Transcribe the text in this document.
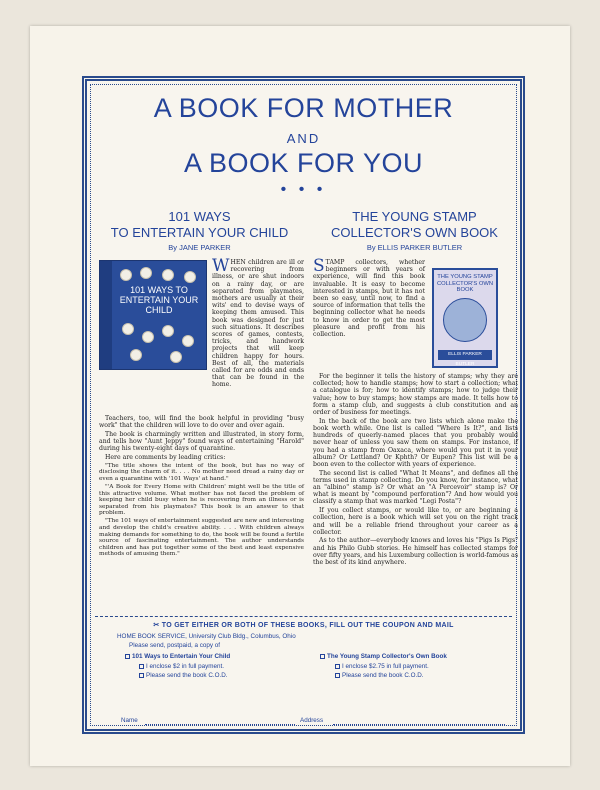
A BOOK FOR MOTHER
AND
A BOOK FOR YOU
• • •
101 WAYS
TO ENTERTAIN YOUR CHILD
By JANE PARKER
101 WAYS TO ENTERTAIN YOUR CHILD
WHEN children are ill or recovering from illness, or are shut indoors on a rainy day, or are separated from playmates, mothers are usually at their wits' end to devise ways of keeping them amused. This book was designed for just such situations. It describes scores of games, contests, tricks, and handwork projects that will keep children happy for hours. Best of all, the materials called for are odds and ends that can be found in the home.

Teachers, too, will find the book helpful in providing "busy work" that the children will love to do over and over again.

The book is charmingly written and illustrated, in story form, and tells how "Aunt Jeppy" found ways of entertaining "Harold" during his twenty-eight days of quarantine.

Here are comments by leading critics:

"The title shows the intent of the book, but has no way of disclosing the charm of it. . . . No mother need dread a rainy day or even a quarantine with '101 Ways' at hand."

"'A Book for Every Home with Children' might well be the title of this attractive volume. What mother has not faced the problem of keeping her child busy when he is recovering from an illness or is separated from his playmates? This book is an answer to that problem.

"The 101 ways of entertainment suggested are new and interesting and develop the child's creative ability. . . . With children always making demands for something to do, the book will be found a fertile source of fascinating entertainment. The author understands children and has put together some of the best and least expensive methods of amusing them."

THE YOUNG STAMP
COLLECTOR'S OWN BOOK
By ELLIS PARKER BUTLER
STAMP collectors, whether beginners or with years of experience, will find this book invaluable. It is easy to become interested in stamps, but it has not been so easy, until now, to find a source of information that tells the beginning collector what he needs to know in order to get the most pleasure and profit from his collection.
THE YOUNG STAMP COLLECTOR'S OWN BOOK
ELLIS PARKER BUTLER

For the beginner it tells the history of stamps; why they are collected; how to handle stamps; how to start a collection; what a catalogue is for; how to identify stamps; how to judge their value; how to buy stamps; how stamps are made. It tells how to form a stamp club, and suggests a club constitution and an order of business for meetings.

In the back of the book are two lists which alone make the book worth while. One list is called "Where Is It?", and lists hundreds of queerly-named places that you probably would never hear of unless you saw them on stamps. For instance, if you had a stamp from Oaxaca, where would you put it in your album? Or Lettland? Or Kphth? Or Eupen? This list will be a boon even to the collector with years of experience.

The second list is called "What It Means", and defines all the terms used in stamp collecting. Do you know, for instance, what an "albino" stamp is? Or what an "A Percevoir" stamp is? Or what is meant by "compound perforation"? And how would you classify a stamp that was marked "Legi Posta"?

If you collect stamps, or would like to, or are beginning a collection, here is a book which will set you on the right track and will be a reliable friend throughout your career as a collector.

As to the author—everybody knows and loves his "Pigs Is Pigs" and his Philo Gubb stories. He himself has collected stamps for over fifty years, and his Luxemburg collection is world-famous as the best of its kind anywhere.

✂ TO GET EITHER OR BOTH OF THESE BOOKS, FILL OUT THE COUPON AND MAIL
HOME BOOK SERVICE, University Club Bldg., Columbus, Ohio
Please send, postpaid, a copy of
101 Ways to Entertain Your Child
I enclose $2 in full payment.
Please send the book C.O.D.
The Young Stamp Collector's Own Book
I enclose $2.75 in full payment.
Please send the book C.O.D.
Name	Address
